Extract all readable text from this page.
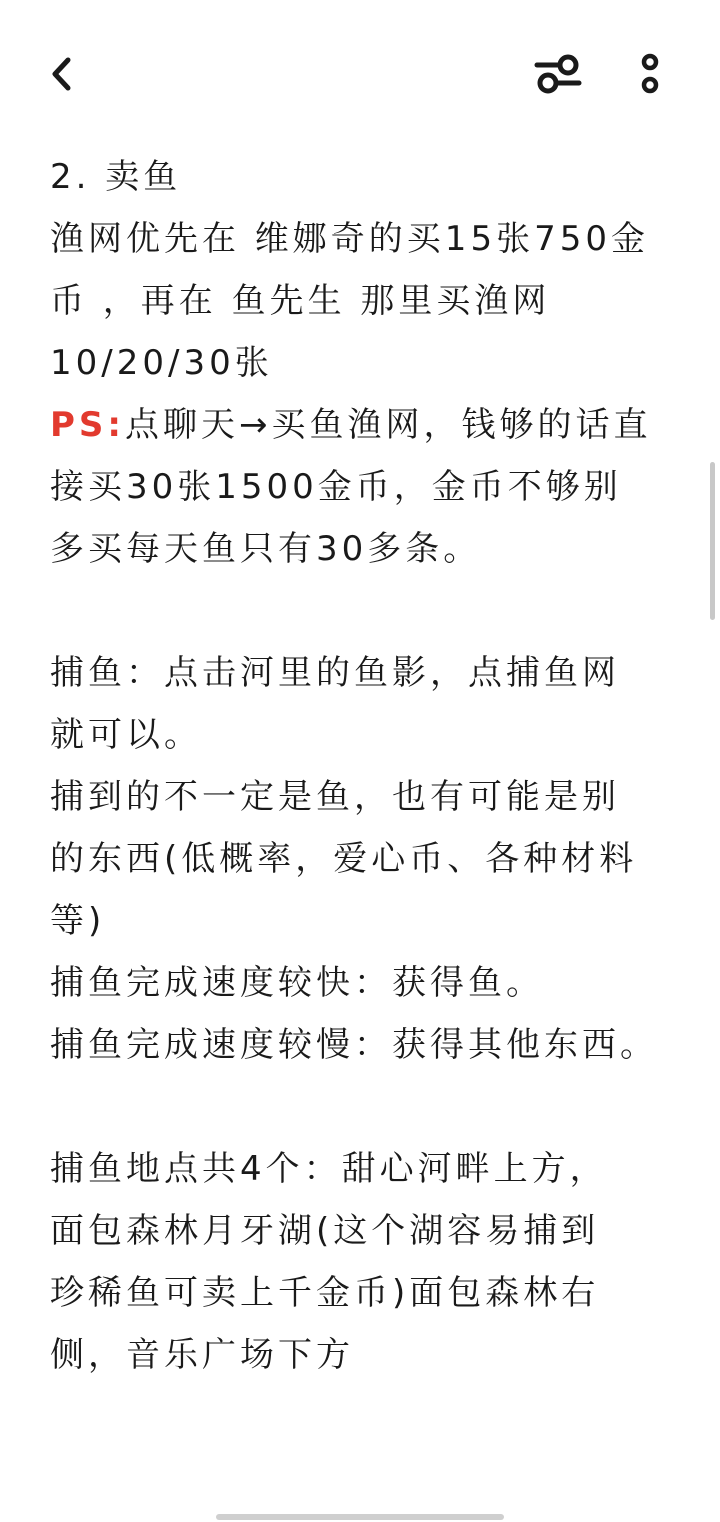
2. 卖鱼

渔网优先在 维娜奇的买15张750金

币 ，再在 鱼先生 那里买渔网

10/20/30张

PS:点聊天→买鱼渔网，钱够的话直

接买30张1500金币，金币不够别

多买每天鱼只有30多条。

捕鱼：点击河里的鱼影，点捕鱼网

就可以。

捕到的不一定是鱼，也有可能是别

的东西(低概率，爱心币、各种材料

等)

捕鱼完成速度较快：获得鱼。

捕鱼完成速度较慢：获得其他东西。

捕鱼地点共4个：甜心河畔上方，

面包森林月牙湖(这个湖容易捕到

珍稀鱼可卖上千金币)面包森林右

侧，音乐广场下方
